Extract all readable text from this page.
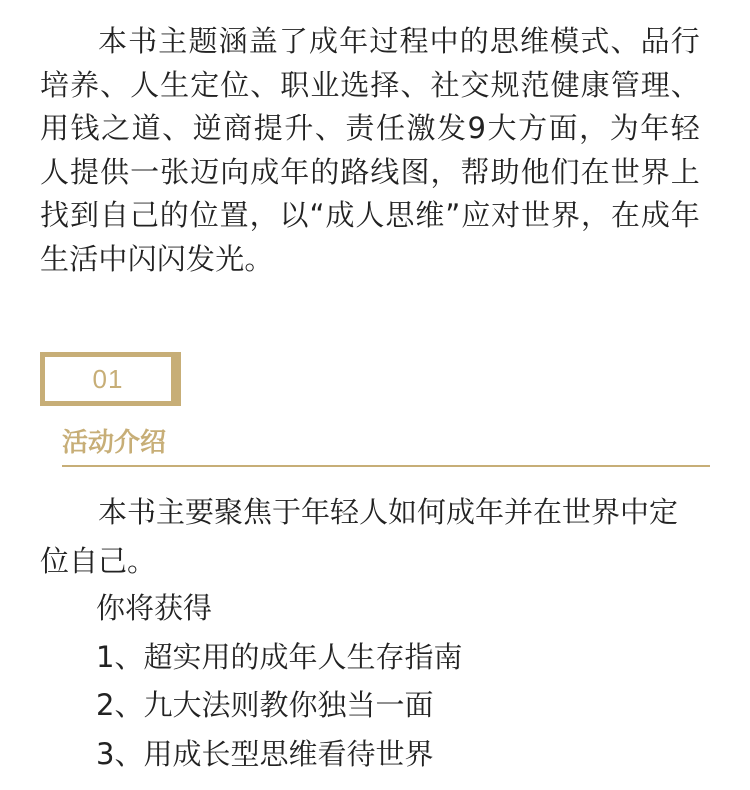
本书主题涵盖了成年过程中的思维模式、品行培养、人生定位、职业选择、社交规范健康管理、用钱之道、逆商提升、责任激发9大方面，为年轻人提供一张迈向成年的路线图，帮助他们在世界上找到自己的位置，以“成人思维”应对世界，在成年生活中闪闪发光。

01
活动介绍

本书主要聚焦于年轻人如何成年并在世界中定位自己。

你将获得
1、超实用的成年人生存指南
2、九大法则教你独当一面
3、用成长型思维看待世界
